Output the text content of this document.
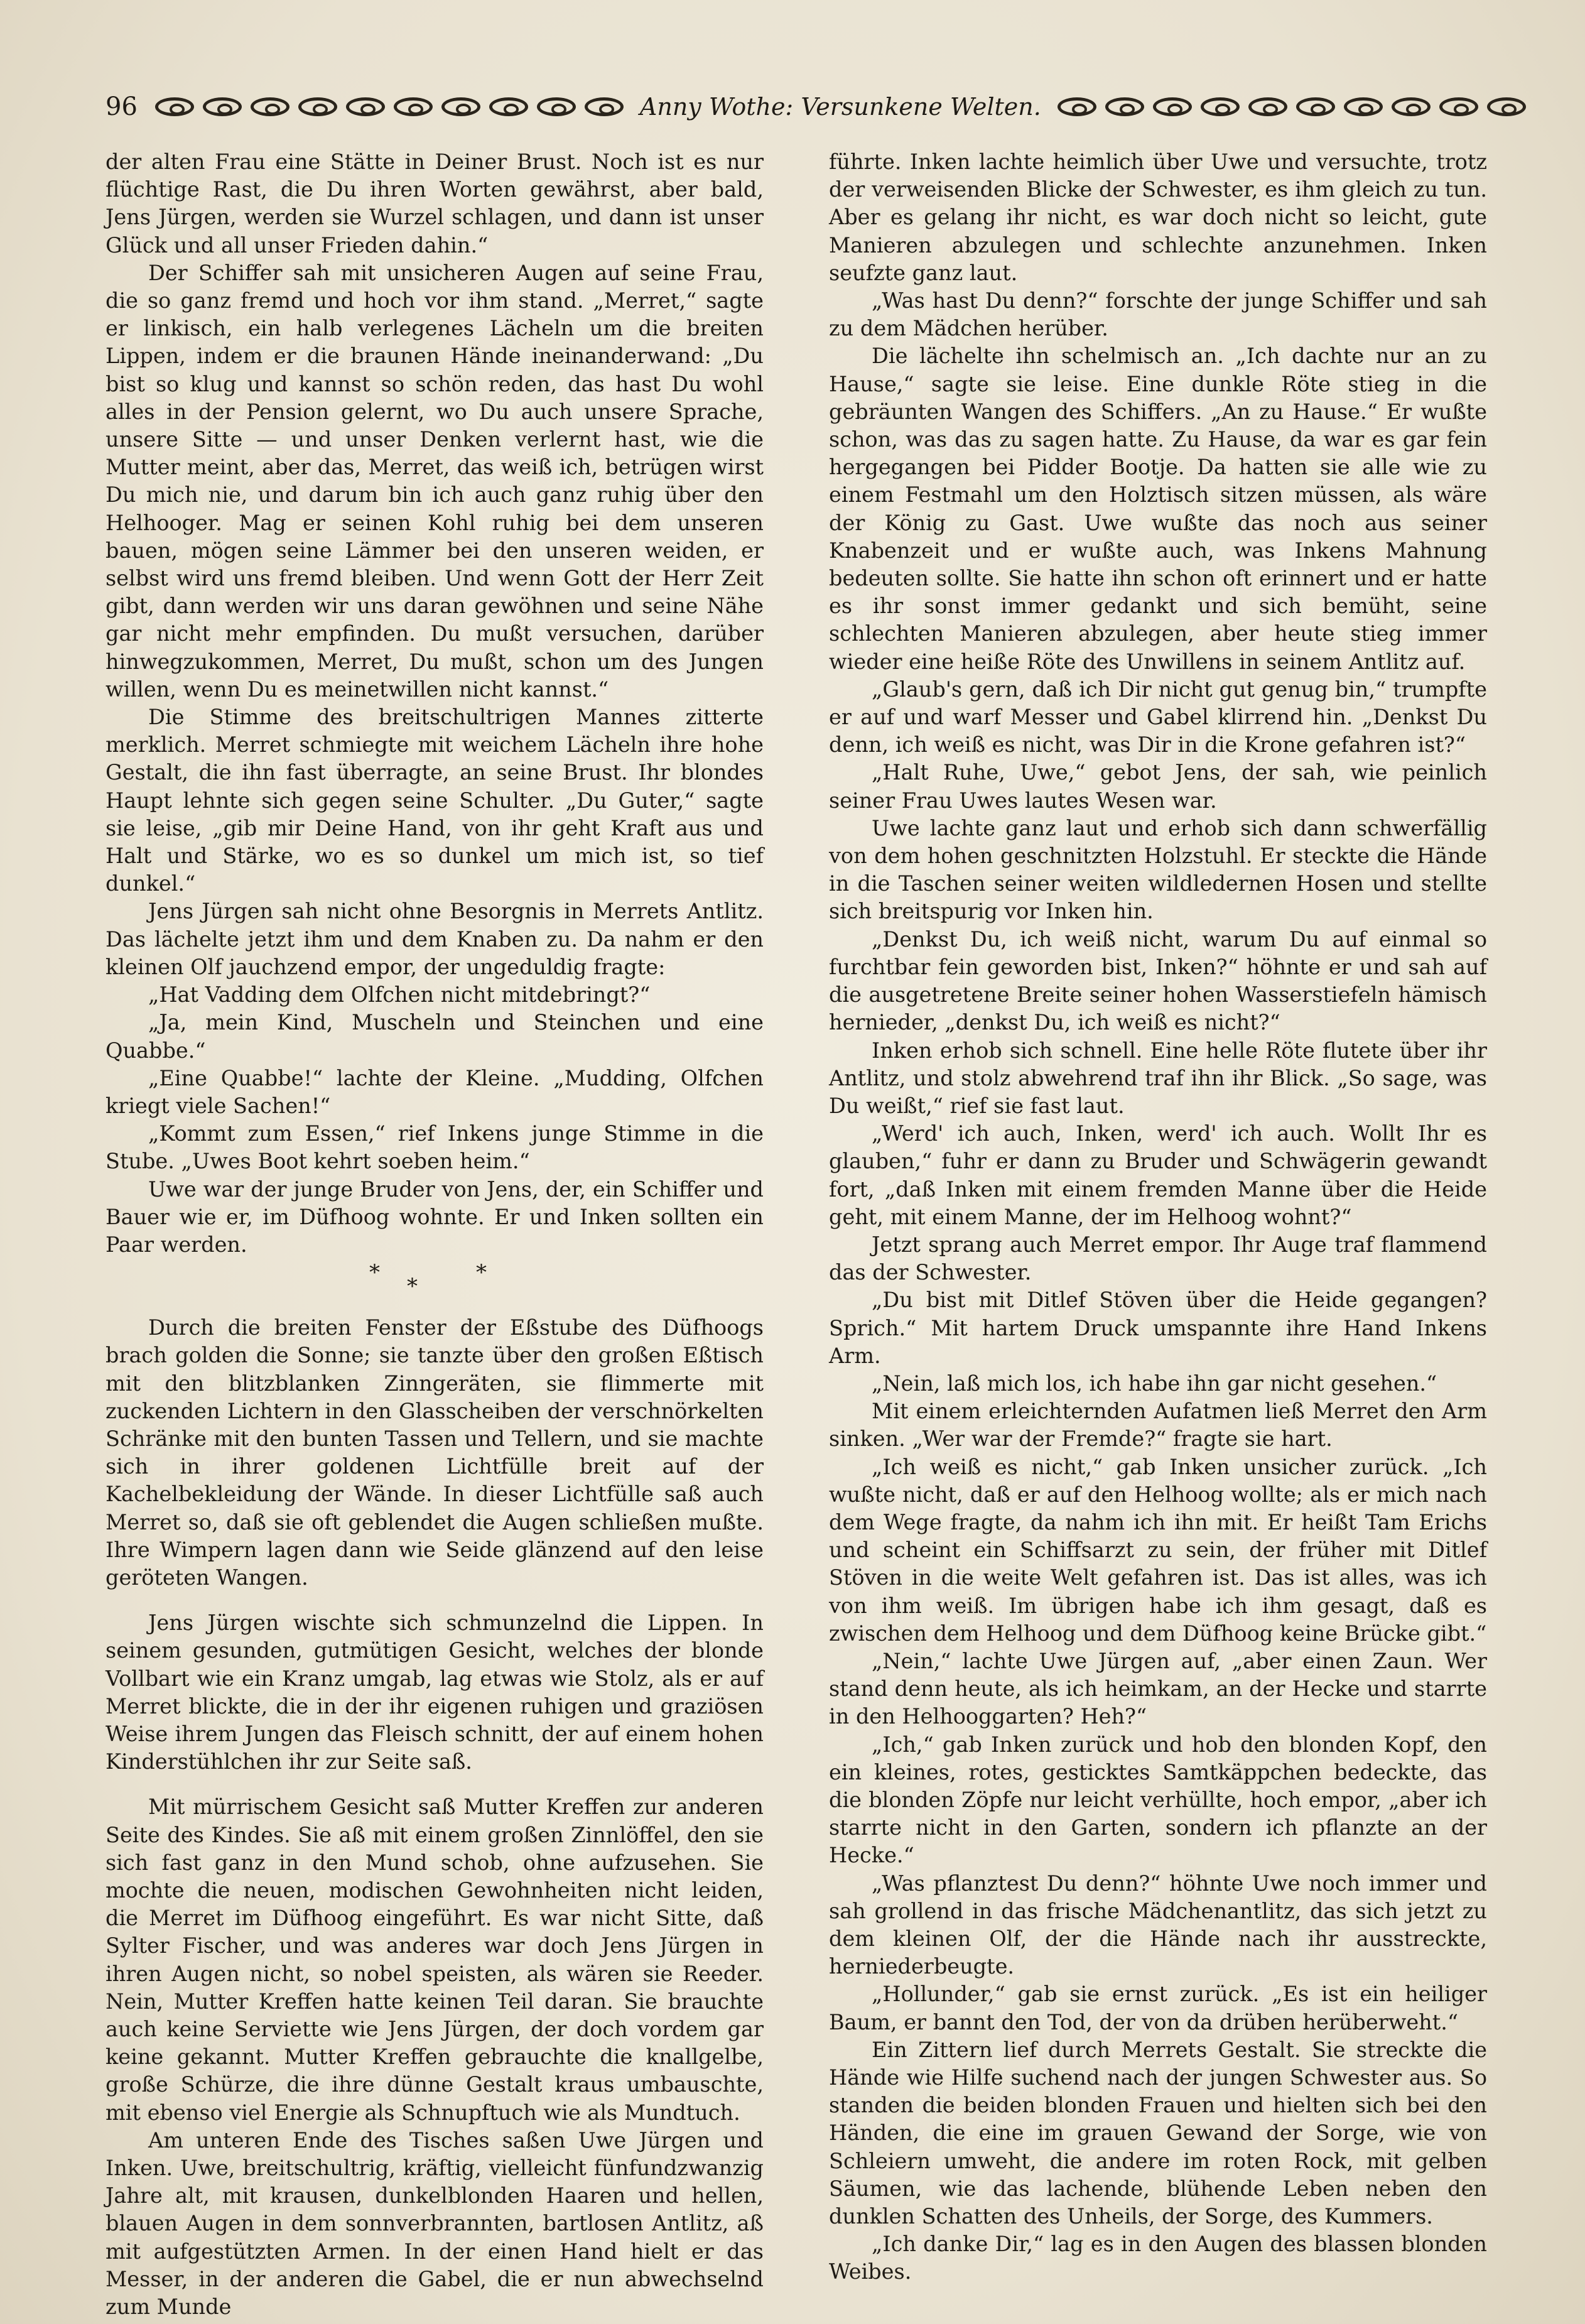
96	Anny Wothe: Versunkene Welten.

der alten Frau eine Stätte in Deiner Brust. Noch ist es nur flüchtige Rast, die Du ihren Worten gewährst, aber bald, Jens Jürgen, werden sie Wurzel schlagen, und dann ist unser Glück und all unser Frieden dahin.“

Der Schiffer sah mit unsicheren Augen auf seine Frau, die so ganz fremd und hoch vor ihm stand. „Merret,“ sagte er linkisch, ein halb verlegenes Lächeln um die breiten Lippen, indem er die braunen Hände ineinanderwand: „Du bist so klug und kannst so schön reden, das hast Du wohl alles in der Pension gelernt, wo Du auch unsere Sprache, unsere Sitte — und unser Denken verlernt hast, wie die Mutter meint, aber das, Merret, das weiß ich, betrügen wirst Du mich nie, und darum bin ich auch ganz ruhig über den Helhooger. Mag er seinen Kohl ruhig bei dem unseren bauen, mögen seine Lämmer bei den unseren weiden, er selbst wird uns fremd bleiben. Und wenn Gott der Herr Zeit gibt, dann werden wir uns daran gewöhnen und seine Nähe gar nicht mehr empfinden. Du mußt versuchen, darüber hinwegzukommen, Merret, Du mußt, schon um des Jungen willen, wenn Du es meinetwillen nicht kannst.“

Die Stimme des breitschultrigen Mannes zitterte merklich. Merret schmiegte mit weichem Lächeln ihre hohe Gestalt, die ihn fast überragte, an seine Brust. Ihr blondes Haupt lehnte sich gegen seine Schulter. „Du Guter,“ sagte sie leise, „gib mir Deine Hand, von ihr geht Kraft aus und Halt und Stärke, wo es so dunkel um mich ist, so tief dunkel.“

Jens Jürgen sah nicht ohne Besorgnis in Merrets Antlitz. Das lächelte jetzt ihm und dem Knaben zu. Da nahm er den kleinen Olf jauchzend empor, der ungeduldig fragte:

„Hat Vadding dem Olfchen nicht mitdebringt?“

„Ja, mein Kind, Muscheln und Steinchen und eine Quabbe.“

„Eine Quabbe!“ lachte der Kleine. „Mudding, Olfchen kriegt viele Sachen!“

„Kommt zum Essen,“ rief Inkens junge Stimme in die Stube. „Uwes Boot kehrt soeben heim.“

Uwe war der junge Bruder von Jens, der, ein Schiffer und Bauer wie er, im Düfhoog wohnte. Er und Inken sollten ein Paar werden.

*
*
*

Durch die breiten Fenster der Eßstube des Düfhoogs brach golden die Sonne; sie tanzte über den großen Eßtisch mit den blitzblanken Zinngeräten, sie flimmerte mit zuckenden Lichtern in den Glasscheiben der verschnörkelten Schränke mit den bunten Tassen und Tellern, und sie machte sich in ihrer goldenen Lichtfülle breit auf der Kachelbekleidung der Wände. In dieser Lichtfülle saß auch Merret so, daß sie oft geblendet die Augen schließen mußte. Ihre Wimpern lagen dann wie Seide glänzend auf den leise geröteten Wangen.

Jens Jürgen wischte sich schmunzelnd die Lippen. In seinem gesunden, gutmütigen Gesicht, welches der blonde Vollbart wie ein Kranz umgab, lag etwas wie Stolz, als er auf Merret blickte, die in der ihr eigenen ruhigen und graziösen Weise ihrem Jungen das Fleisch schnitt, der auf einem hohen Kinderstühlchen ihr zur Seite saß.

Mit mürrischem Gesicht saß Mutter Kreffen zur anderen Seite des Kindes. Sie aß mit einem großen Zinnlöffel, den sie sich fast ganz in den Mund schob, ohne aufzusehen. Sie mochte die neuen, modischen Gewohnheiten nicht leiden, die Merret im Düfhoog eingeführt. Es war nicht Sitte, daß Sylter Fischer, und was anderes war doch Jens Jürgen in ihren Augen nicht, so nobel speisten, als wären sie Reeder. Nein, Mutter Kreffen hatte keinen Teil daran. Sie brauchte auch keine Serviette wie Jens Jürgen, der doch vordem gar keine gekannt. Mutter Kreffen gebrauchte die knallgelbe, große Schürze, die ihre dünne Gestalt kraus umbauschte, mit ebenso viel Energie als Schnupftuch wie als Mundtuch.

Am unteren Ende des Tisches saßen Uwe Jürgen und Inken. Uwe, breitschultrig, kräftig, vielleicht fünfundzwanzig Jahre alt, mit krausen, dunkelblonden Haaren und hellen, blauen Augen in dem sonnverbrannten, bartlosen Antlitz, aß mit aufgestützten Armen. In der einen Hand hielt er das Messer, in der anderen die Gabel, die er nun abwechselnd zum Munde

führte. Inken lachte heimlich über Uwe und versuchte, trotz der verweisenden Blicke der Schwester, es ihm gleich zu tun. Aber es gelang ihr nicht, es war doch nicht so leicht, gute Manieren abzulegen und schlechte anzunehmen. Inken seufzte ganz laut.

„Was hast Du denn?“ forschte der junge Schiffer und sah zu dem Mädchen herüber.

Die lächelte ihn schelmisch an. „Ich dachte nur an zu Hause,“ sagte sie leise. Eine dunkle Röte stieg in die gebräunten Wangen des Schiffers. „An zu Hause.“ Er wußte schon, was das zu sagen hatte. Zu Hause, da war es gar fein hergegangen bei Pidder Bootje. Da hatten sie alle wie zu einem Festmahl um den Holztisch sitzen müssen, als wäre der König zu Gast. Uwe wußte das noch aus seiner Knabenzeit und er wußte auch, was Inkens Mahnung bedeuten sollte. Sie hatte ihn schon oft erinnert und er hatte es ihr sonst immer gedankt und sich bemüht, seine schlechten Manieren abzulegen, aber heute stieg immer wieder eine heiße Röte des Unwillens in seinem Antlitz auf.

„Glaub's gern, daß ich Dir nicht gut genug bin,“ trumpfte er auf und warf Messer und Gabel klirrend hin. „Denkst Du denn, ich weiß es nicht, was Dir in die Krone gefahren ist?“

„Halt Ruhe, Uwe,“ gebot Jens, der sah, wie peinlich seiner Frau Uwes lautes Wesen war.

Uwe lachte ganz laut und erhob sich dann schwerfällig von dem hohen geschnitzten Holzstuhl. Er steckte die Hände in die Taschen seiner weiten wildledernen Hosen und stellte sich breitspurig vor Inken hin.

„Denkst Du, ich weiß nicht, warum Du auf einmal so furchtbar fein geworden bist, Inken?“ höhnte er und sah auf die ausgetretene Breite seiner hohen Wasserstiefeln hämisch hernieder, „denkst Du, ich weiß es nicht?“

Inken erhob sich schnell. Eine helle Röte flutete über ihr Antlitz, und stolz abwehrend traf ihn ihr Blick. „So sage, was Du weißt,“ rief sie fast laut.

„Werd' ich auch, Inken, werd' ich auch. Wollt Ihr es glauben,“ fuhr er dann zu Bruder und Schwägerin gewandt fort, „daß Inken mit einem fremden Manne über die Heide geht, mit einem Manne, der im Helhoog wohnt?“

Jetzt sprang auch Merret empor. Ihr Auge traf flammend das der Schwester.

„Du bist mit Ditlef Stöven über die Heide gegangen? Sprich.“ Mit hartem Druck umspannte ihre Hand Inkens Arm.

„Nein, laß mich los, ich habe ihn gar nicht gesehen.“

Mit einem erleichternden Aufatmen ließ Merret den Arm sinken. „Wer war der Fremde?“ fragte sie hart.

„Ich weiß es nicht,“ gab Inken unsicher zurück. „Ich wußte nicht, daß er auf den Helhoog wollte; als er mich nach dem Wege fragte, da nahm ich ihn mit. Er heißt Tam Erichs und scheint ein Schiffsarzt zu sein, der früher mit Ditlef Stöven in die weite Welt gefahren ist. Das ist alles, was ich von ihm weiß. Im übrigen habe ich ihm gesagt, daß es zwischen dem Helhoog und dem Düfhoog keine Brücke gibt.“

„Nein,“ lachte Uwe Jürgen auf, „aber einen Zaun. Wer stand denn heute, als ich heimkam, an der Hecke und starrte in den Helhooggarten? Heh?“

„Ich,“ gab Inken zurück und hob den blonden Kopf, den ein kleines, rotes, gesticktes Samtkäppchen bedeckte, das die blonden Zöpfe nur leicht verhüllte, hoch empor, „aber ich starrte nicht in den Garten, sondern ich pflanzte an der Hecke.“

„Was pflanztest Du denn?“ höhnte Uwe noch immer und sah grollend in das frische Mädchenantlitz, das sich jetzt zu dem kleinen Olf, der die Hände nach ihr ausstreckte, herniederbeugte.

„Hollunder,“ gab sie ernst zurück. „Es ist ein heiliger Baum, er bannt den Tod, der von da drüben herüberweht.“

Ein Zittern lief durch Merrets Gestalt. Sie streckte die Hände wie Hilfe suchend nach der jungen Schwester aus. So standen die beiden blonden Frauen und hielten sich bei den Händen, die eine im grauen Gewand der Sorge, wie von Schleiern umweht, die andere im roten Rock, mit gelben Säumen, wie das lachende, blühende Leben neben den dunklen Schatten des Unheils, der Sorge, des Kummers.

„Ich danke Dir,“ lag es in den Augen des blassen blonden Weibes.
